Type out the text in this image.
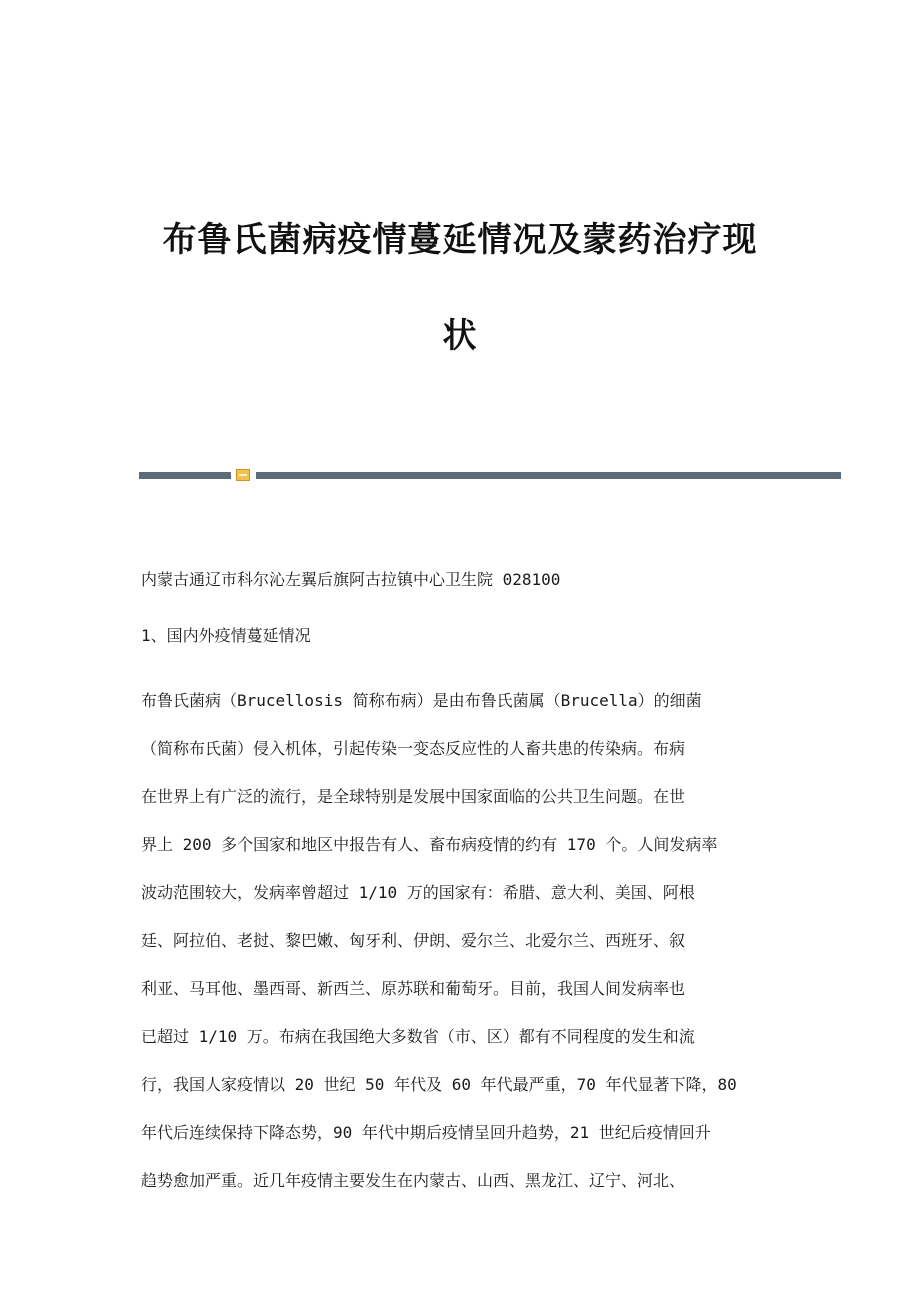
布鲁氏菌病疫情蔓延情况及蒙药治疗现
状

内蒙古通辽市科尔沁左翼后旗阿古拉镇中心卫生院 028100

1、国内外疫情蔓延情况

布鲁氏菌病（Brucellosis 简称布病）是由布鲁氏菌属（Brucella）的细菌
（简称布氏菌）侵入机体，引起传染一变态反应性的人畜共患的传染病。布病
在世界上有广泛的流行，是全球特别是发展中国家面临的公共卫生问题。在世
界上 200 多个国家和地区中报告有人、畜布病疫情的约有 170 个。人间发病率
波动范围较大，发病率曾超过 1/10 万的国家有：希腊、意大利、美国、阿根
廷、阿拉伯、老挝、黎巴嫩、匈牙利、伊朗、爱尔兰、北爱尔兰、西班牙、叙
利亚、马耳他、墨西哥、新西兰、原苏联和葡萄牙。目前，我国人间发病率也
已超过 1/10 万。布病在我国绝大多数省（市、区）都有不同程度的发生和流
行，我国人家疫情以 20 世纪 50 年代及 60 年代最严重，70 年代显著下降，80
年代后连续保持下降态势，90 年代中期后疫情呈回升趋势，21 世纪后疫情回升
趋势愈加严重。近几年疫情主要发生在内蒙古、山西、黑龙江、辽宁、河北、
